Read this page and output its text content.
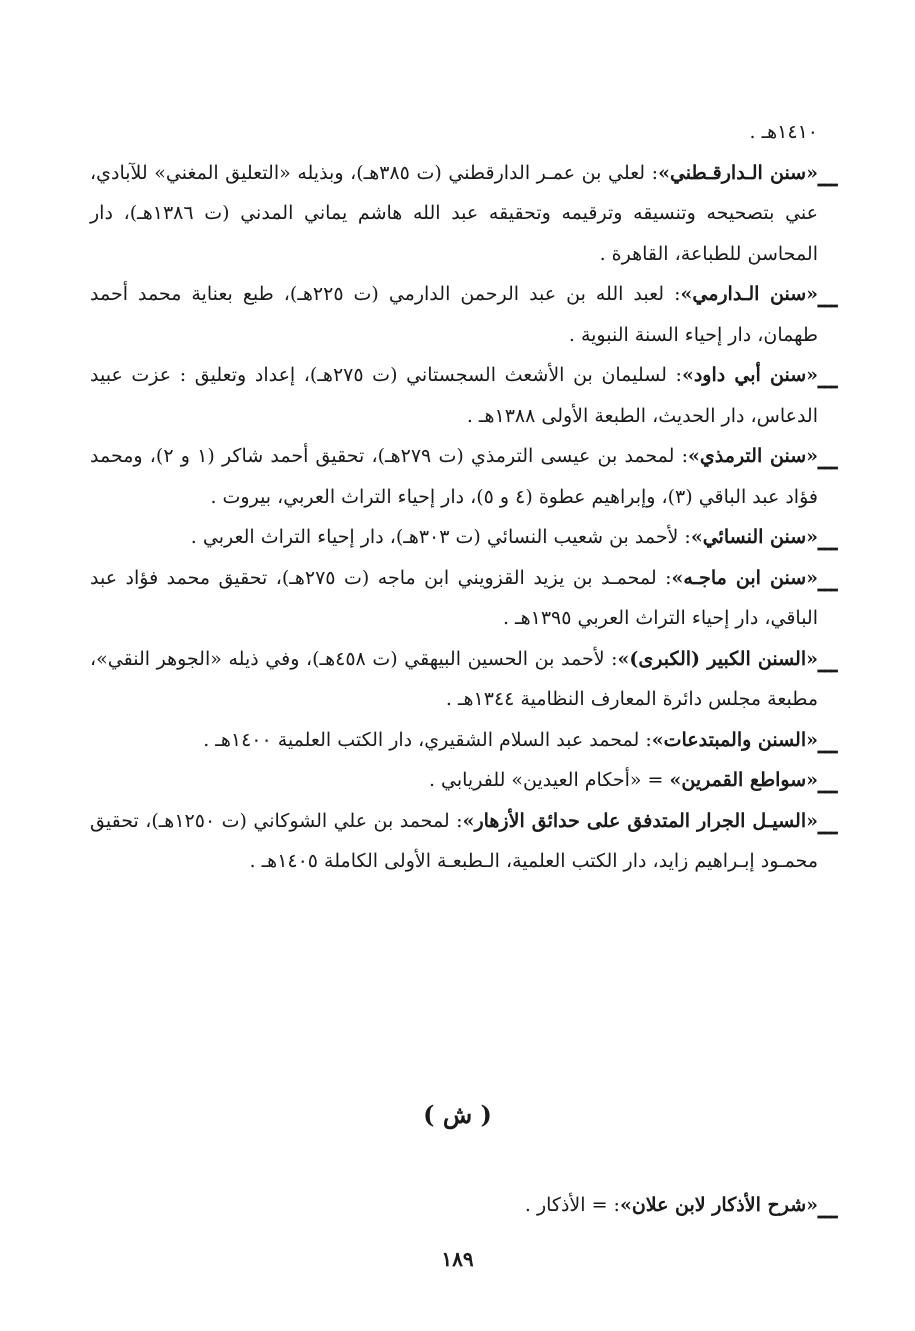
١٤١٠هـ .
ـــ
«سنن الـدارقـطني»: لعلي بن عمـر الدارقطني (ت ٣٨٥هـ)، وبذيله «التعليق المغني» للآبادي، عني بتصحيحه وتنسيقه وترقيمه وتحقيقه عبد الله هاشم يماني المدني (ت ١٣٨٦هـ)، دار المحاسن للطباعة، القاهرة .
ـــ
«سنن الـدارمي»: لعبد الله بن عبد الرحمن الدارمي (ت ٢٢٥هـ)، طبع بعناية محمد أحمد طهمان، دار إحياء السنة النبوية .
ـــ
«سنن أبي داود»: لسليمان بن الأشعث السجستاني (ت ٢٧٥هـ)، إعداد وتعليق : عزت عبيد الدعاس، دار الحديث، الطبعة الأولى ١٣٨٨هـ .
ـــ
«سنن الترمذي»: لمحمد بن عيسى الترمذي (ت ٢٧٩هـ)، تحقيق أحمد شاكر (١ و ٢)، ومحمد فؤاد عبد الباقي (٣)، وإبراهيم عطوة (٤ و ٥)، دار إحياء التراث العربي، بيروت .
ـــ
«سنن النسائي»: لأحمد بن شعيب النسائي (ت ٣٠٣هـ)، دار إحياء التراث العربي .
ـــ
«سنن ابن ماجـه»: لمحمـد بن يزيد القزويني ابن ماجه (ت ٢٧٥هـ)، تحقيق محمد فؤاد عبد الباقي، دار إحياء التراث العربي ١٣٩٥هـ .
ـــ
«السنن الكبير (الكبرى)»: لأحمد بن الحسين البيهقي (ت ٤٥٨هـ)، وفي ذيله «الجوهر النقي»، مطبعة مجلس دائرة المعارف النظامية ١٣٤٤هـ .
ـــ
«السنن والمبتدعات»: لمحمد عبد السلام الشقيري، دار الكتب العلمية ١٤٠٠هـ .
ـــ
«سواطع القمرين» = «أحكام العيدين» للفريابي .
ـــ
«السيـل الجرار المتدفق على حدائق الأزهار»: لمحمد بن علي الشوكاني (ت ١٢٥٠هـ)، تحقيق محمـود إبـراهيم زايد، دار الكتب العلمية، الـطبعـة الأولى الكاملة ١٤٠٥هـ .
( ش )
ـــ
«شرح الأذكار لابن علان»: = الأذكار .
١٨٩
